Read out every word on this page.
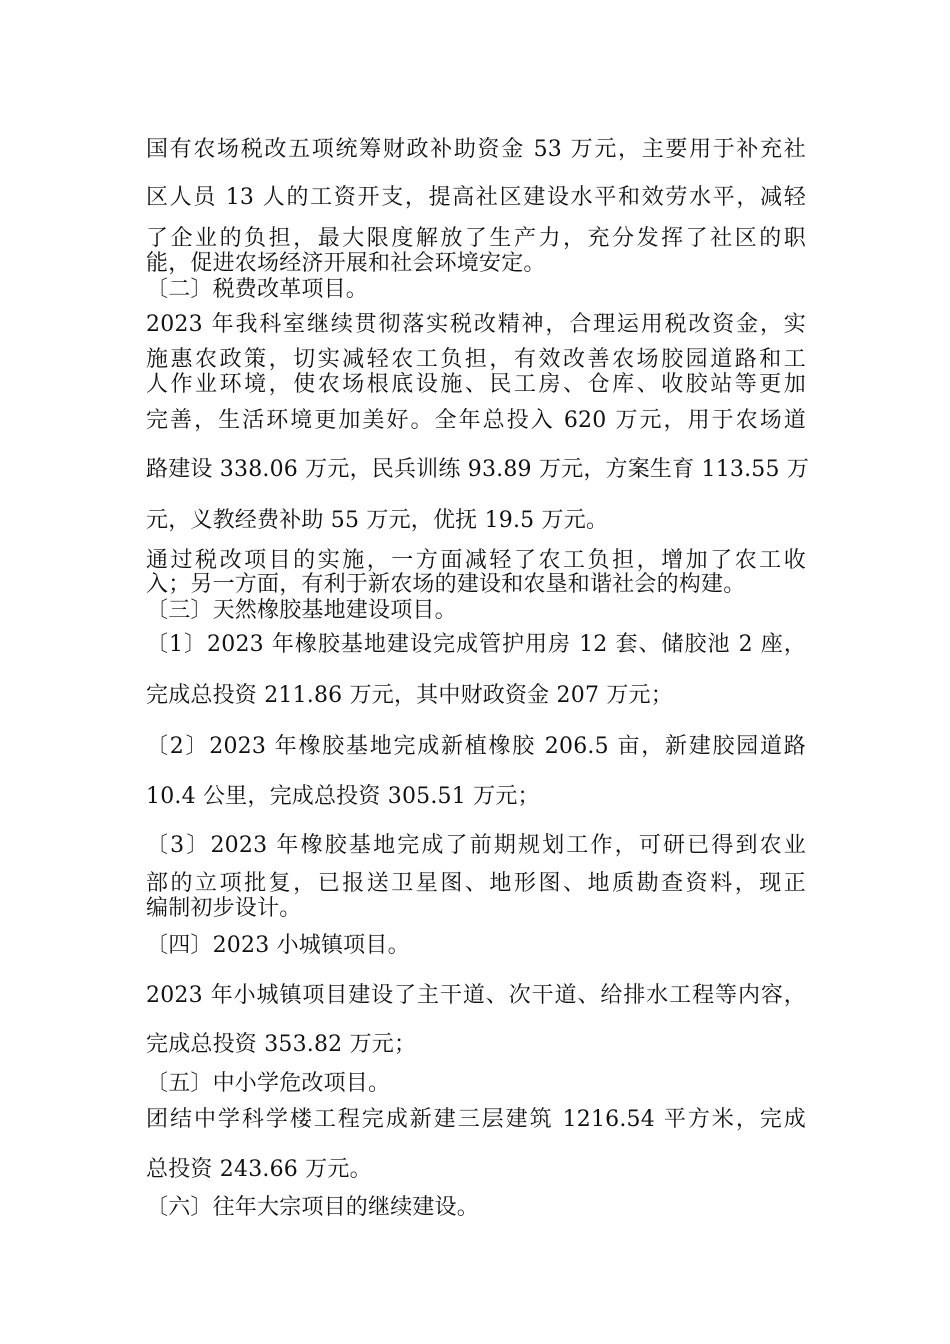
国有农场税改五项统筹财政补助资金 53 万元，主要用于补充社
区人员 13 人的工资开支，提高社区建设水平和效劳水平，减轻
了企业的负担，最大限度解放了生产力，充分发挥了社区的职
能，促进农场经济开展和社会环境安定。
〔二〕税费改革项目。
2023 年我科室继续贯彻落实税改精神，合理运用税改资金，实
施惠农政策，切实减轻农工负担，有效改善农场胶园道路和工
人作业环境，使农场根底设施、民工房、仓库、收胶站等更加
完善，生活环境更加美好。全年总投入 620 万元，用于农场道
路建设 338.06 万元，民兵训练 93.89 万元，方案生育 113.55 万
元，义教经费补助 55 万元，优抚 19.5 万元。
通过税改项目的实施，一方面减轻了农工负担，增加了农工收
入；另一方面，有利于新农场的建设和农垦和谐社会的构建。
〔三〕天然橡胶基地建设项目。
〔1〕2023 年橡胶基地建设完成管护用房 12 套、储胶池 2 座，
完成总投资 211.86 万元，其中财政资金 207 万元；
〔2〕2023 年橡胶基地完成新植橡胶 206.5 亩，新建胶园道路
10.4 公里，完成总投资 305.51 万元；
〔3〕2023 年橡胶基地完成了前期规划工作，可研已得到农业
部的立项批复，已报送卫星图、地形图、地质勘查资料，现正
编制初步设计。
〔四〕2023 小城镇项目。
2023 年小城镇项目建设了主干道、次干道、给排水工程等内容，
完成总投资 353.82 万元；
〔五〕中小学危改项目。
团结中学科学楼工程完成新建三层建筑 1216.54 平方米，完成
总投资 243.66 万元。
〔六〕往年大宗项目的继续建设。
